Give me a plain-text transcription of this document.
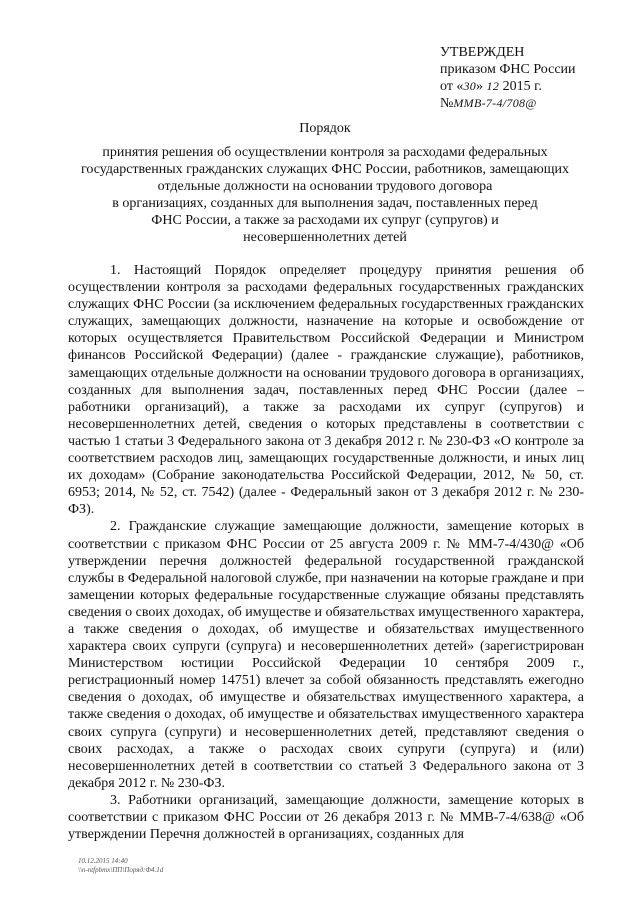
УТВЕРЖДЕН
приказом ФНС России
от «30» 12 2015 г.
№ММВ-7-4/708@
Порядок
принятия решения об осуществлении контроля за расходами федеральных
государственных гражданских служащих ФНС России, работников, замещающих
отдельные должности на основании трудового договора
в организациях, созданных для выполнения задач, поставленных перед
ФНС России, а также за расходами их супруг (супругов) и
несовершеннолетних детей

1. Настоящий Порядок определяет процедуру принятия решения об осуществлении контроля за расходами федеральных государственных гражданских служащих ФНС России (за исключением федеральных государственных гражданских служащих, замещающих должности, назначение на которые и освобождение от которых осуществляется Правительством Российской Федерации и Министром финансов Российской Федерации) (далее - гражданские служащие), работников, замещающих отдельные должности на основании трудового договора в организациях, созданных для выполнения задач, поставленных перед ФНС России (далее – работники организаций), а также за расходами их супруг (супругов) и несовершеннолетних детей, сведения о которых представлены в соответствии с частью 1 статьи 3 Федерального закона от 3 декабря 2012 г. № 230-ФЗ «О контроле за соответствием расходов лиц, замещающих государственные должности, и иных лиц их доходам» (Собрание законодательства Российской Федерации, 2012, № 50, ст. 6953; 2014, № 52, ст. 7542) (далее - Федеральный закон от 3 декабря 2012 г. № 230-ФЗ).

2. Гражданские служащие замещающие должности, замещение которых в соответствии с приказом ФНС России от 25 августа 2009 г. № ММ-7-4/430@ «Об утверждении перечня должностей федеральной государственной гражданской службы в Федеральной налоговой службе, при назначении на которые граждане и при замещении которых федеральные государственные служащие обязаны представлять сведения о своих доходах, об имуществе и обязательствах имущественного характера, а также сведения о доходах, об имуществе и обязательствах имущественного характера своих супруги (супруга) и несовершеннолетних детей» (зарегистрирован Министерством юстиции Российской Федерации 10 сентября 2009 г., регистрационный номер 14751) влечет за собой обязанность представлять ежегодно сведения о доходах, об имуществе и обязательствах имущественного характера, а также сведения о доходах, об имуществе и обязательствах имущественного характера своих супруга (супруги) и несовершеннолетних детей, представляют сведения о своих расходах, а также о расходах своих супруги (супруга) и (или) несовершеннолетних детей в соответствии со статьей 3 Федерального закона от 3 декабря 2012 г. № 230-ФЗ.

3. Работники организаций, замещающие должности, замещение которых в соответствии с приказом ФНС России от 26 декабря 2013 г. № ММВ-7-4/638@ «Об утверждении Перечня должностей в организациях, созданных для

10.12.2015 14:40
\\n-ntfpbmx\ПП\Поряд:Ф4.1d
